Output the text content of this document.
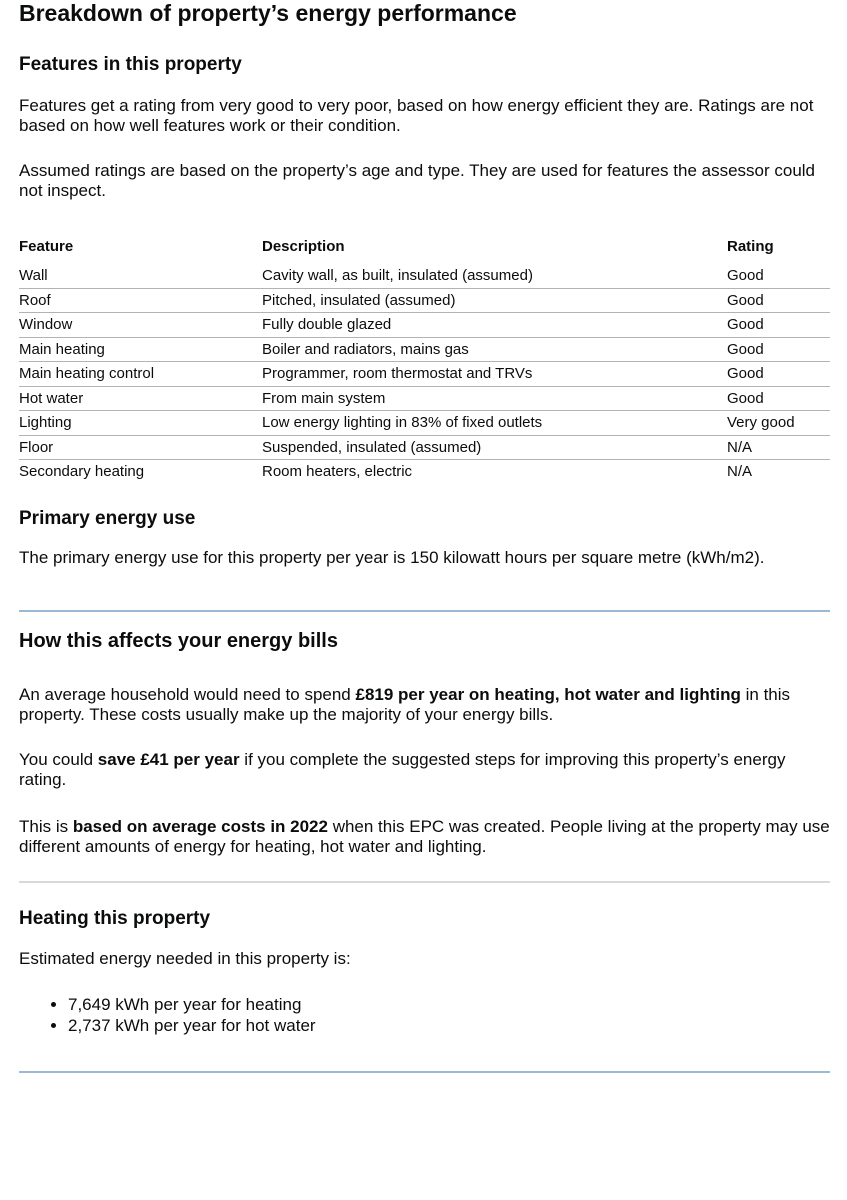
Breakdown of property’s energy performance
Features in this property

Features get a rating from very good to very poor, based on how energy efficient they are. Ratings are not based on how well features work or their condition.

Assumed ratings are based on the property’s age and type. They are used for features the assessor could not inspect.

Feature	Description	Rating
Wall	Cavity wall, as built, insulated (assumed)	Good
Roof	Pitched, insulated (assumed)	Good
Window	Fully double glazed	Good
Main heating	Boiler and radiators, mains gas	Good
Main heating control	Programmer, room thermostat and TRVs	Good
Hot water	From main system	Good
Lighting	Low energy lighting in 83% of fixed outlets	Very good
Floor	Suspended, insulated (assumed)	N/A
Secondary heating	Room heaters, electric	N/A
Primary energy use

The primary energy use for this property per year is 150 kilowatt hours per square metre (kWh/m2).

How this affects your energy bills

An average household would need to spend £819 per year on heating, hot water and lighting in this property. These costs usually make up the majority of your energy bills.

You could save £41 per year if you complete the suggested steps for improving this property’s energy rating.

This is based on average costs in 2022 when this EPC was created. People living at the property may use different amounts of energy for heating, hot water and lighting.

Heating this property

Estimated energy needed in this property is:

• 7,649 kWh per year for heating
• 2,737 kWh per year for hot water
